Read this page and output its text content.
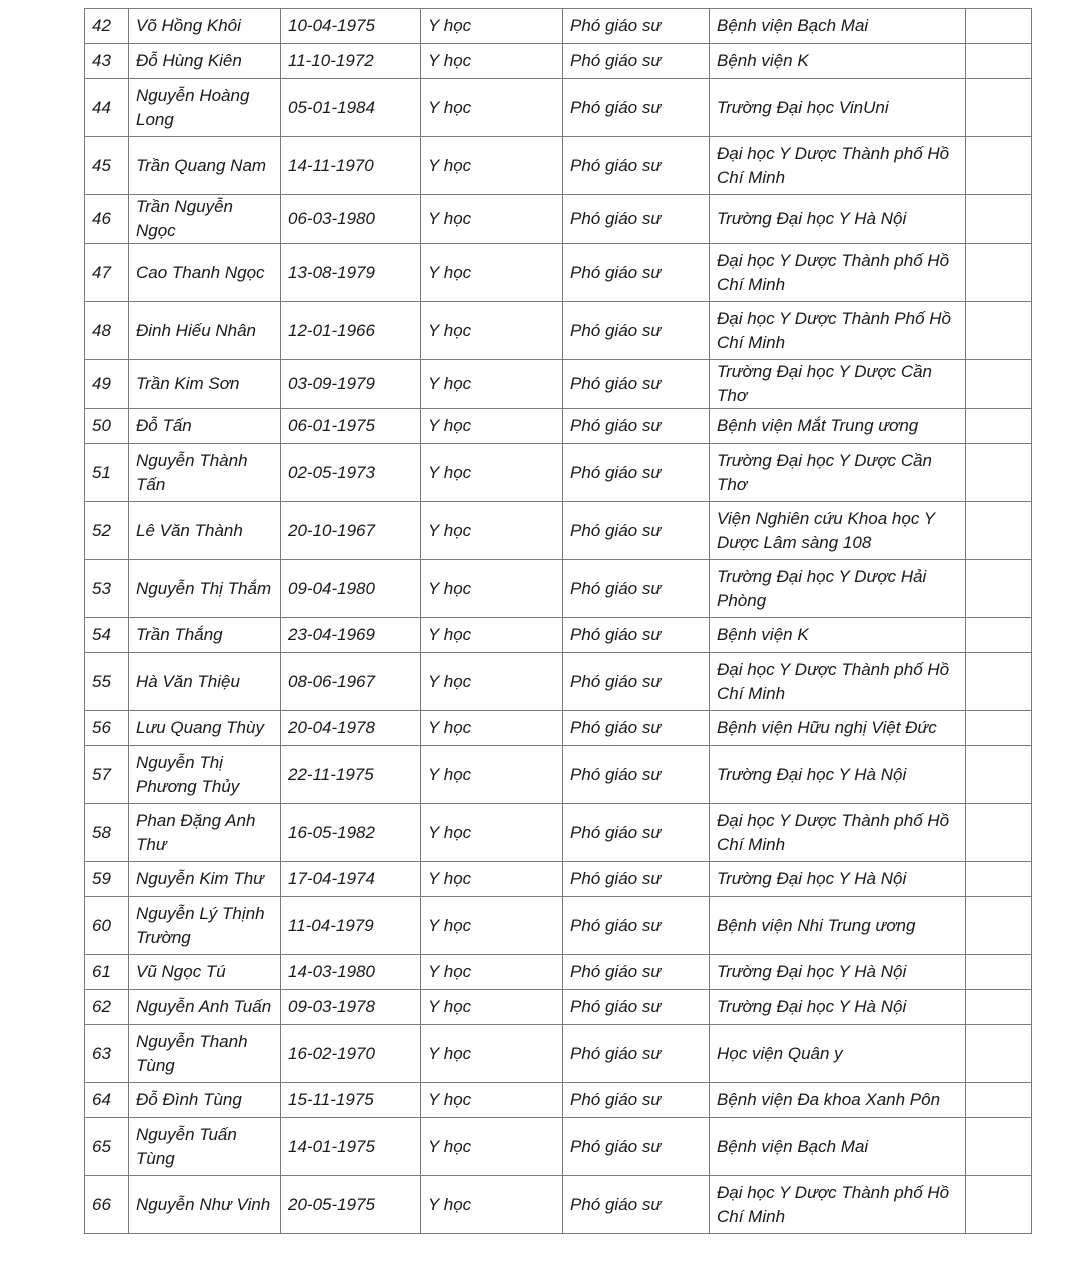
42	Võ Hồng Khôi	10-04-1975	Y học	Phó giáo sư	Bệnh viện Bạch Mai	
43	Đỗ Hùng Kiên	11-10-1972	Y học	Phó giáo sư	Bệnh viện K	
44	Nguyễn Hoàng Long	05-01-1984	Y học	Phó giáo sư	Trường Đại học VinUni	
45	Trần Quang Nam	14-11-1970	Y học	Phó giáo sư	Đại học Y Dược Thành phố Hồ Chí Minh	
46	Trần Nguyễn Ngọc	06-03-1980	Y học	Phó giáo sư	Trường Đại học Y Hà Nội	
47	Cao Thanh Ngọc	13-08-1979	Y học	Phó giáo sư	Đại học Y Dược Thành phố Hồ Chí Minh	
48	Đinh Hiếu Nhân	12-01-1966	Y học	Phó giáo sư	Đại học Y Dược Thành Phố Hồ Chí Minh	
49	Trần Kim Sơn	03-09-1979	Y học	Phó giáo sư	Trường Đại học Y Dược Cần Thơ	
50	Đỗ Tấn	06-01-1975	Y học	Phó giáo sư	Bệnh viện Mắt Trung ương	
51	Nguyễn Thành Tấn	02-05-1973	Y học	Phó giáo sư	Trường Đại học Y Dược Cần Thơ	
52	Lê Văn Thành	20-10-1967	Y học	Phó giáo sư	Viện Nghiên cứu Khoa học Y Dược Lâm sàng 108	
53	Nguyễn Thị Thắm	09-04-1980	Y học	Phó giáo sư	Trường Đại học Y Dược Hải Phòng	
54	Trần Thắng	23-04-1969	Y học	Phó giáo sư	Bệnh viện K	
55	Hà Văn Thiệu	08-06-1967	Y học	Phó giáo sư	Đại học Y Dược Thành phố Hồ Chí Minh	
56	Lưu Quang Thùy	20-04-1978	Y học	Phó giáo sư	Bệnh viện Hữu nghị Việt Đức	
57	Nguyễn Thị Phương Thủy	22-11-1975	Y học	Phó giáo sư	Trường Đại học Y Hà Nội	
58	Phan Đặng Anh Thư	16-05-1982	Y học	Phó giáo sư	Đại học Y Dược Thành phố Hồ Chí Minh	
59	Nguyễn Kim Thư	17-04-1974	Y học	Phó giáo sư	Trường Đại học Y Hà Nội	
60	Nguyễn Lý Thịnh Trường	11-04-1979	Y học	Phó giáo sư	Bệnh viện Nhi Trung ương	
61	Vũ Ngọc Tú	14-03-1980	Y học	Phó giáo sư	Trường Đại học Y Hà Nội	
62	Nguyễn Anh Tuấn	09-03-1978	Y học	Phó giáo sư	Trường Đại học Y Hà Nội	
63	Nguyễn Thanh Tùng	16-02-1970	Y học	Phó giáo sư	Học viện Quân y	
64	Đỗ Đình Tùng	15-11-1975	Y học	Phó giáo sư	Bệnh viện Đa khoa Xanh Pôn	
65	Nguyễn Tuấn Tùng	14-01-1975	Y học	Phó giáo sư	Bệnh viện Bạch Mai	
66	Nguyễn Như Vinh	20-05-1975	Y học	Phó giáo sư	Đại học Y Dược Thành phố Hồ Chí Minh	
